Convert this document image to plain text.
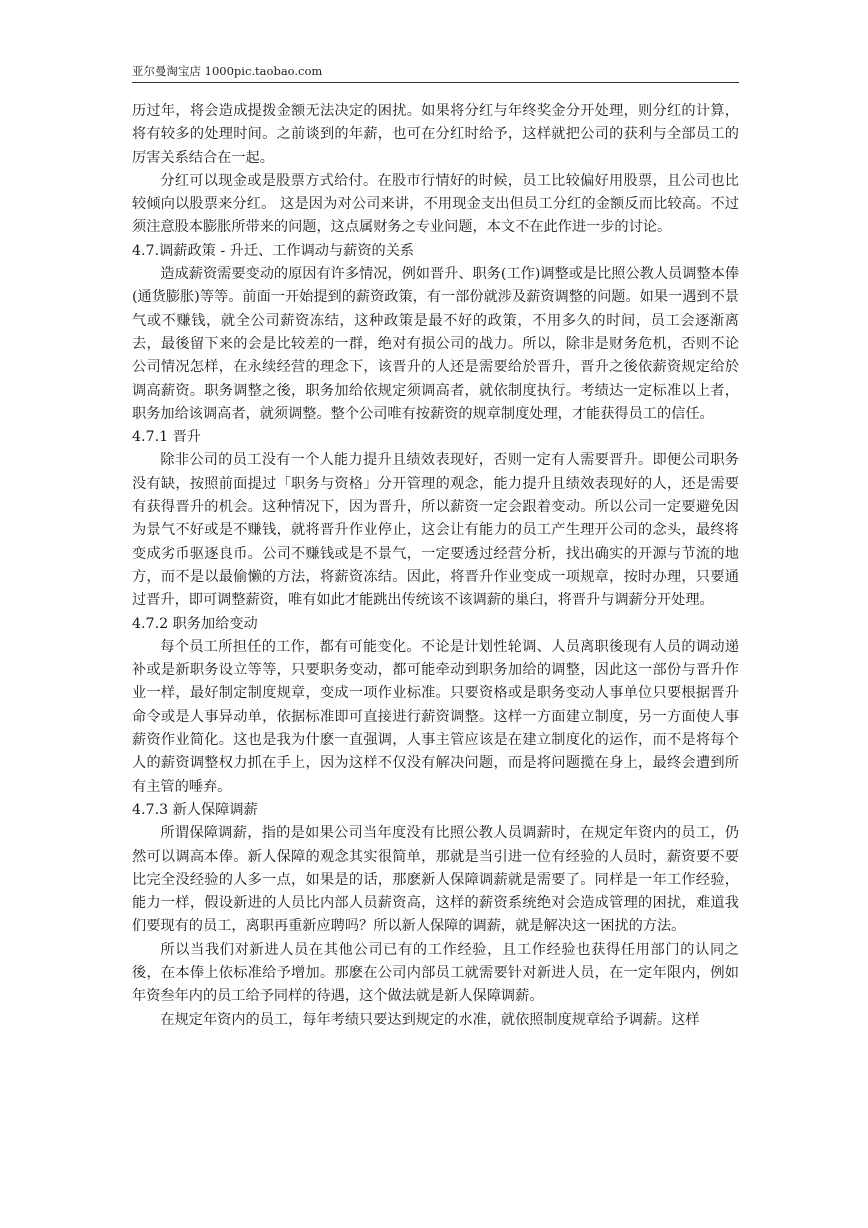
亚尔曼淘宝店 1000pic.taobao.com

历过年，将会造成提拨金额无法决定的困扰。如果将分红与年终奖金分开处理，则分红的计算，将有较多的处理时间。之前谈到的年薪，也可在分红时给予，这样就把公司的获利与全部员工的厉害关系结合在一起。

分红可以现金或是股票方式给付。在股市行情好的时候，员工比较偏好用股票，且公司也比较倾向以股票来分红。 这是因为对公司来讲，不用现金支出但员工分红的金额反而比较高。不过须注意股本膨胀所带来的问题，这点属财务之专业问题，本文不在此作进一步的讨论。

4.7.调薪政策 - 升迁、工作调动与薪资的关系

造成薪资需要变动的原因有许多情况，例如晋升、职务(工作)调整或是比照公教人员调整本俸(通货膨胀)等等。前面一开始提到的薪资政策，有一部份就涉及薪资调整的问题。如果一遇到不景气或不赚钱，就全公司薪资冻结，这种政策是最不好的政策，不用多久的时间，员工会逐渐离去，最後留下来的会是比较差的一群，绝对有损公司的战力。所以，除非是财务危机，否则不论公司情况怎样，在永续经营的理念下，该晋升的人还是需要给於晋升，晋升之後依薪资规定给於调高薪资。职务调整之後，职务加给依规定须调高者，就依制度执行。考绩达一定标准以上者，职务加给该调高者，就须调整。整个公司唯有按薪资的规章制度处理，才能获得员工的信任。

4.7.1 晋升

除非公司的员工没有一个人能力提升且绩效表现好，否则一定有人需要晋升。即便公司职务没有缺，按照前面提过「职务与资格」分开管理的观念，能力提升且绩效表现好的人，还是需要有获得晋升的机会。这种情况下，因为晋升，所以薪资一定会跟着变动。所以公司一定要避免因为景气不好或是不赚钱，就将晋升作业停止，这会让有能力的员工产生理开公司的念头，最终将变成劣币驱逐良币。公司不赚钱或是不景气，一定要透过经营分析，找出确实的开源与节流的地方，而不是以最偷懒的方法，将薪资冻结。因此，将晋升作业变成一项规章，按时办理，只要通过晋升，即可调整薪资，唯有如此才能跳出传统该不该调薪的巢臼，将晋升与调薪分开处理。

4.7.2 职务加给变动

每个员工所担任的工作，都有可能变化。不论是计划性轮调、人员离职後现有人员的调动递补或是新职务设立等等，只要职务变动，都可能牵动到职务加给的调整，因此这一部份与晋升作业一样，最好制定制度规章，变成一项作业标准。只要资格或是职务变动人事单位只要根据晋升命令或是人事异动单，依据标准即可直接进行薪资调整。这样一方面建立制度，另一方面使人事薪资作业简化。这也是我为什麽一直强调，人事主管应该是在建立制度化的运作，而不是将每个人的薪资调整权力抓在手上，因为这样不仅没有解决问题，而是将问题揽在身上，最终会遭到所有主管的唾弃。

4.7.3 新人保障调薪

所谓保障调薪，指的是如果公司当年度没有比照公教人员调薪时，在规定年资内的员工，仍然可以调高本俸。新人保障的观念其实很简单，那就是当引进一位有经验的人员时，薪资要不要比完全没经验的人多一点，如果是的话，那麽新人保障调薪就是需要了。同样是一年工作经验，能力一样，假设新进的人员比内部人员薪资高，这样的薪资系统绝对会造成管理的困扰，难道我们要现有的员工，离职再重新应聘吗？所以新人保障的调薪，就是解决这一困扰的方法。

所以当我们对新进人员在其他公司已有的工作经验，且工作经验也获得任用部门的认同之後，在本俸上依标准给予增加。那麽在公司内部员工就需要针对新进人员，在一定年限内，例如年资叁年内的员工给予同样的待遇，这个做法就是新人保障调薪。

在规定年资内的员工，每年考绩只要达到规定的水准，就依照制度规章给予调薪。这样
